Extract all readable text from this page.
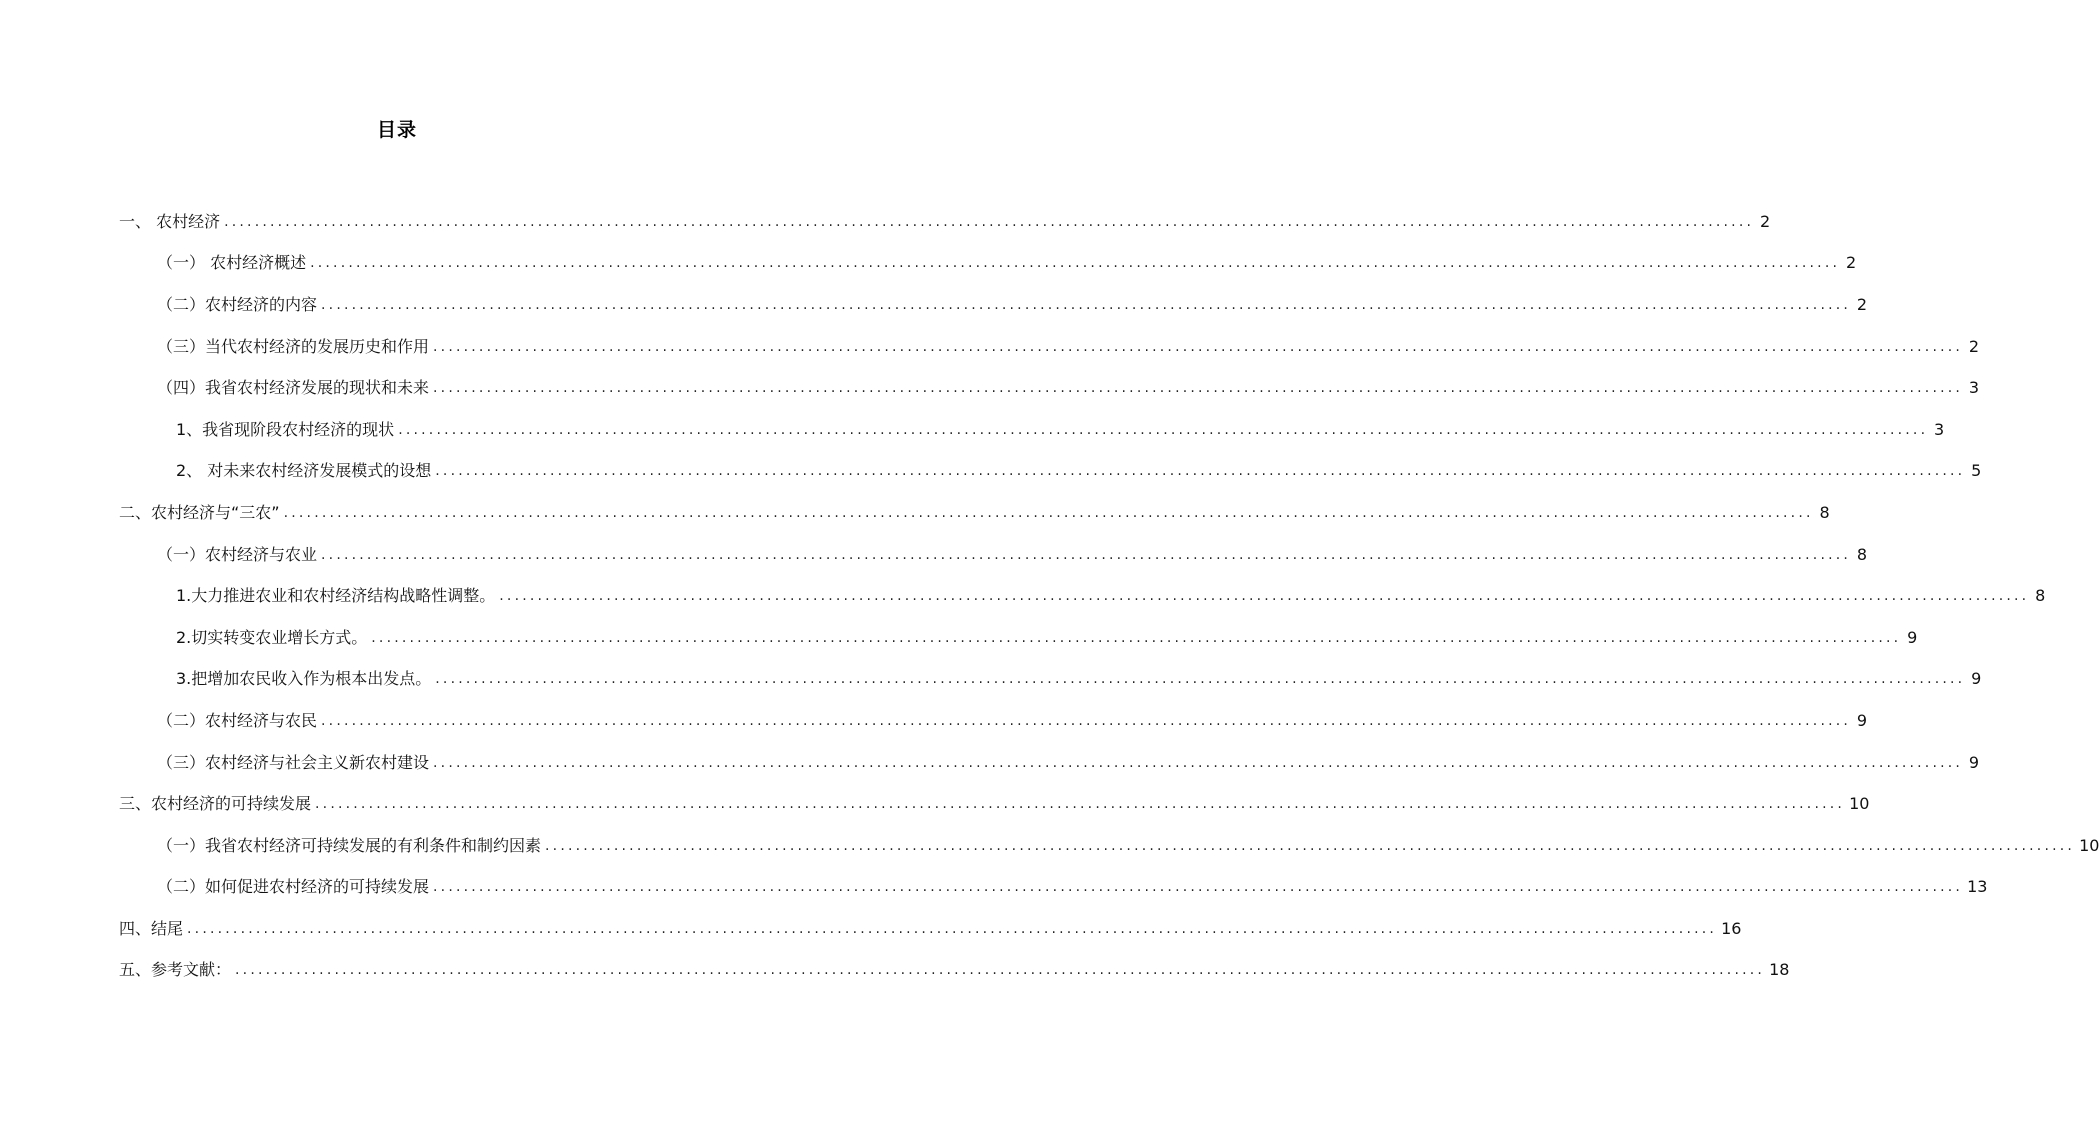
目录
一、 农村经济 ........................................................................................................................................................................................................ 2
（一） 农村经济概述 ........................................................................................................................................................................................................ 2
（二）农村经济的内容 ........................................................................................................................................................................................................ 2
（三）当代农村经济的发展历史和作用 ........................................................................................................................................................................................................ 2
（四）我省农村经济发展的现状和未来 ........................................................................................................................................................................................................ 3
1、我省现阶段农村经济的现状 ........................................................................................................................................................................................................ 3
2、 对未来农村经济发展模式的设想 ........................................................................................................................................................................................................ 5
二、农村经济与“三农” ........................................................................................................................................................................................................ 8
（一）农村经济与农业 ........................................................................................................................................................................................................ 8
1.大力推进农业和农村经济结构战略性调整。 ........................................................................................................................................................................................................ 8
2.切实转变农业增长方式。 ........................................................................................................................................................................................................ 9
3.把增加农民收入作为根本出发点。 ........................................................................................................................................................................................................ 9
（二）农村经济与农民 ........................................................................................................................................................................................................ 9
（三）农村经济与社会主义新农村建设 ........................................................................................................................................................................................................ 9
三、农村经济的可持续发展 ........................................................................................................................................................................................................ 10
（一）我省农村经济可持续发展的有利条件和制约因素 ........................................................................................................................................................................................................ 10
（二）如何促进农村经济的可持续发展 ........................................................................................................................................................................................................ 13
四、结尾 ........................................................................................................................................................................................................ 16
五、参考文献： ........................................................................................................................................................................................................ 18
